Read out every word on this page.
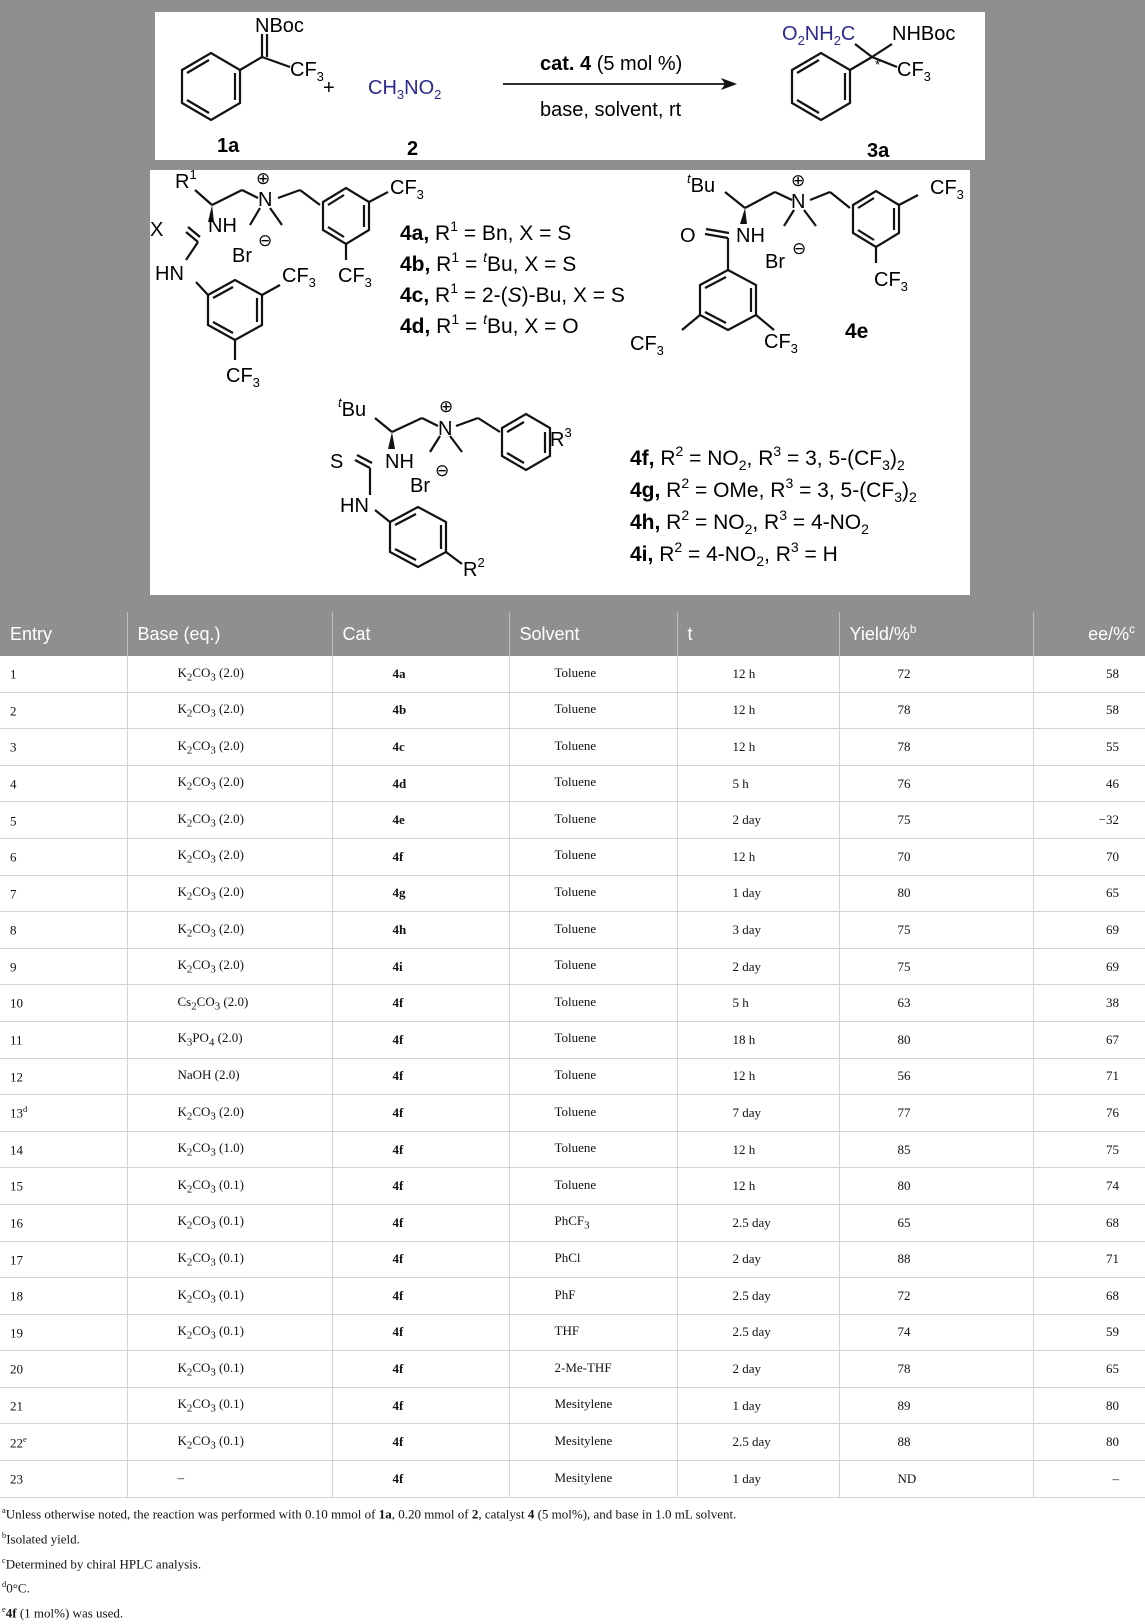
NBoc
$CF_3$
1a
+ $CH_3NO_2$
2
cat. 4 (5 mol %)
base, solvent, rt
$O_2NH_2C$ NHBoc
$CF_3$
*
3a
$R^1$
NH
X
HN
Br
⊖
N
⊕	$CF_3$
$CF_3$
$CF_3$
$CF_3$
4a, $R^1 = Bn$, X = S
4b, $R^1 = ^tBu$, X = S
4c, $R^1 = 2-(S)-Bu$, X = S
4d, $R^1 = ^tBu$, X = O
$^t$Bu
O NH
Br
⊖
N
⊕	$CF_3$
$CF_3$
$CF_3$	$CF_3$
4e
$^t$Bu
S NH
HN
Br
⊖
N
⊕
$R^3$
$R^2$
4f, $R^2 = NO_2$, $R^3 = 3$, $5-(CF_3)_2$
4g, $R^2$ = OMe, $R^3 = 3$, $5-(CF_3)_2$
4h, $R^2 = NO_2$, $R^3 = 4-NO_2$
4i, $R^2 = 4-NO_2$, $R^3 = H$
Entry	Base (eq.)	Cat	Solvent	t	Yield/%$^b$	ee/%$^c$
1	$K_2CO_3$ (2.0)	4a	Toluene	12 h	72	58
2	$K_2CO_3$ (2.0)	4b	Toluene	12 h	78	58
3	$K_2CO_3$ (2.0)	4c	Toluene	12 h	78	55
4	$K_2CO_3$ (2.0)	4d	Toluene	5 h	76	46
5	$K_2CO_3$ (2.0)	4e	Toluene	2 day	75	−32
6	$K_2CO_3$ (2.0)	4f	Toluene	12 h	70	70
7	$K_2CO_3$ (2.0)	4g	Toluene	1 day	80	65
8	$K_2CO_3$ (2.0)	4h	Toluene	3 day	75	69
9	$K_2CO_3$ (2.0)	4i	Toluene	2 day	75	69
10	$Cs_2CO_3$ (2.0)	4f	Toluene	5 h	63	38
11	$K_3PO_4$ (2.0)	4f	Toluene	18 h	80	67
12	NaOH (2.0)	4f	Toluene	12 h	56	71
13$^d$	$K_2CO_3$ (2.0)	4f	Toluene	7 day	77	76
14	$K_2CO_3$ (1.0)	4f	Toluene	12 h	85	75
15	$K_2CO_3$ (0.1)	4f	Toluene	12 h	80	74
16	$K_2CO_3$ (0.1)	4f	PhCF$_3$	2.5 day	65	68
17	$K_2CO_3$ (0.1)	4f	PhCl	2 day	88	71
18	$K_2CO_3$ (0.1)	4f	PhF	2.5 day	72	68
19	$K_2CO_3$ (0.1)	4f	THF	2.5 day	74	59
20	$K_2CO_3$ (0.1)	4f	2-Me-THF	2 day	78	65
21	$K_2CO_3$ (0.1)	4f	Mesitylene	1 day	89	80
22e	$K_2CO_3$ (0.1)	4f	Mesitylene	2.5 day	88	80
23	–	4f	Mesitylene	1 day	ND	–
$^a$Unless otherwise noted, the reaction was performed with 0.10 mmol of 1a, 0.20 mmol of 2, catalyst 4 (5 mol%), and base in 1.0 mL solvent.
$^b$Isolated yield.
$^c$Determined by chiral HPLC analysis.
$^d$0°C.
$^e$4f (1 mol%) was used.
